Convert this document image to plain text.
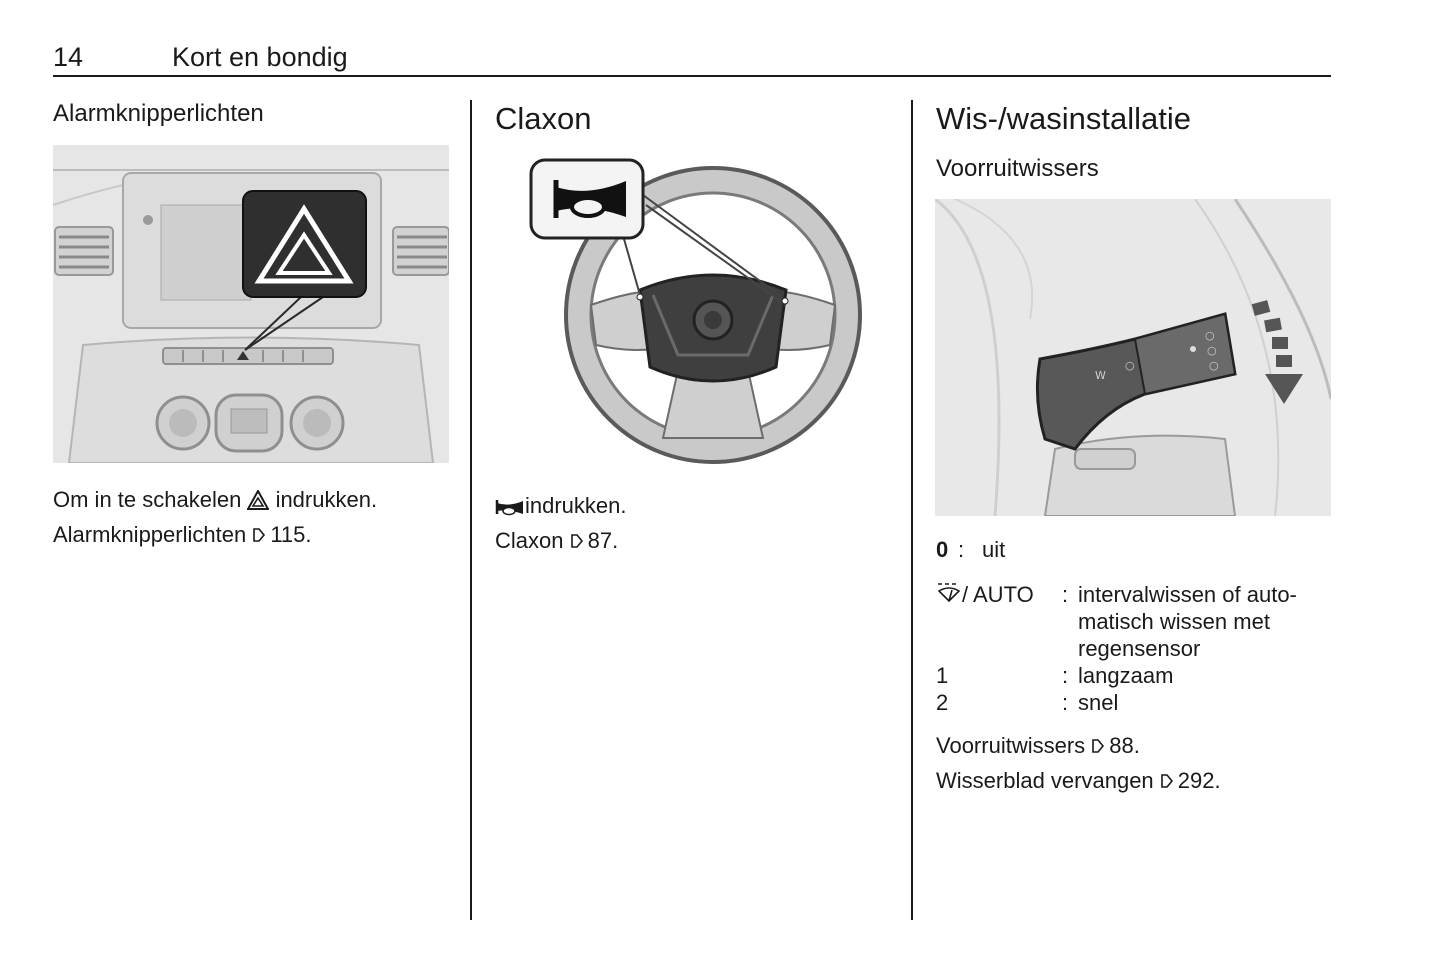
14	Kort en bondig
Alarmknipperlichten
Om in te schakelen indrukken.
Alarmknipperlichten 115.
Claxon
indrukken.
Claxon 87.
Wis-/wasinstallatie
Voorruitwissers
○
○
○
W
○
0	:	uit
/ AUTO	:	intervalwissen of auto-
matisch wissen met
regensensor

1	:	langzaam
2	:	snel
Voorruitwissers 88.
Wisserblad vervangen 292.
